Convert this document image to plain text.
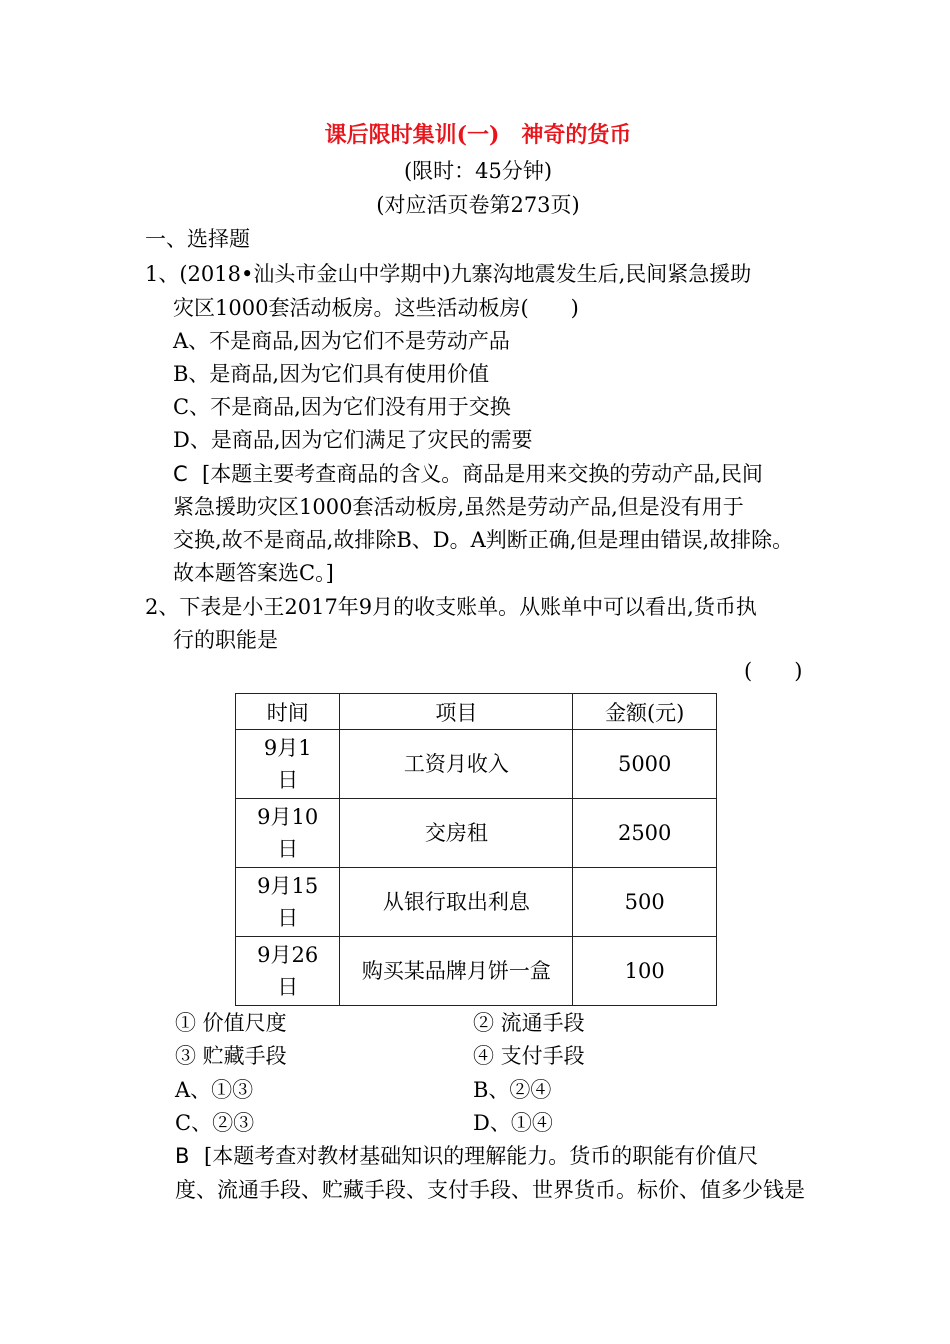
课后限时集训(一)　神奇的货币
(限时：45分钟)
(对应活页卷第273页)
一、选择题
1、(2018•汕头市金山中学期中)九寨沟地震发生后,民间紧急援助
灾区1000套活动板房。这些活动板房(　　)
A、不是商品,因为它们不是劳动产品
B、是商品,因为它们具有使用价值
C、不是商品,因为它们没有用于交换
D、是商品,因为它们满足了灾民的需要
C [本题主要考查商品的含义。商品是用来交换的劳动产品,民间
紧急援助灾区1000套活动板房,虽然是劳动产品,但是没有用于
交换,故不是商品,故排除B、D。A判断正确,但是理由错误,故排除。
故本题答案选C。]
2、下表是小王2017年9月的收支账单。从账单中可以看出,货币执
行的职能是
(　　)
时间	项目	金额(元)
9月1
日	工资月收入	5000
9月10
日	交房租	2500
9月15
日	从银行取出利息	500
9月26
日	购买某品牌月饼一盒	100
① 价值尺度	② 流通手段
③ 贮藏手段	④ 支付手段
A、①③	B、②④
C、②③	D、①④
B [本题考查对教材基础知识的理解能力。货币的职能有价值尺
度、流通手段、贮藏手段、支付手段、世界货币。标价、值多少钱是
